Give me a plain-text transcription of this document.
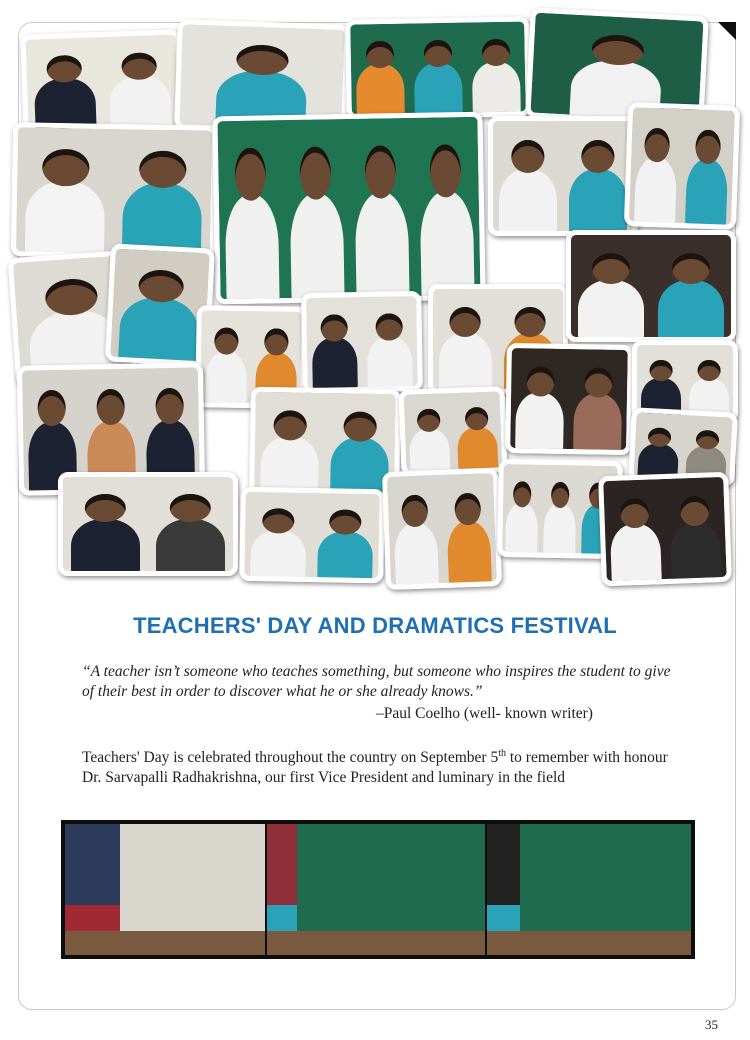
TEACHERS' DAY AND DRAMATICS FESTIVAL
“A teacher isn’t someone who teaches something, but someone who inspires the student to give of their best in order to discover what he or she already knows.”
–Paul Coelho (well- known writer)
Teachers' Day is celebrated throughout the country on September 5th to remember with honour Dr. Sarvapalli Radhakrishna, our first Vice President and luminary in the field
35
